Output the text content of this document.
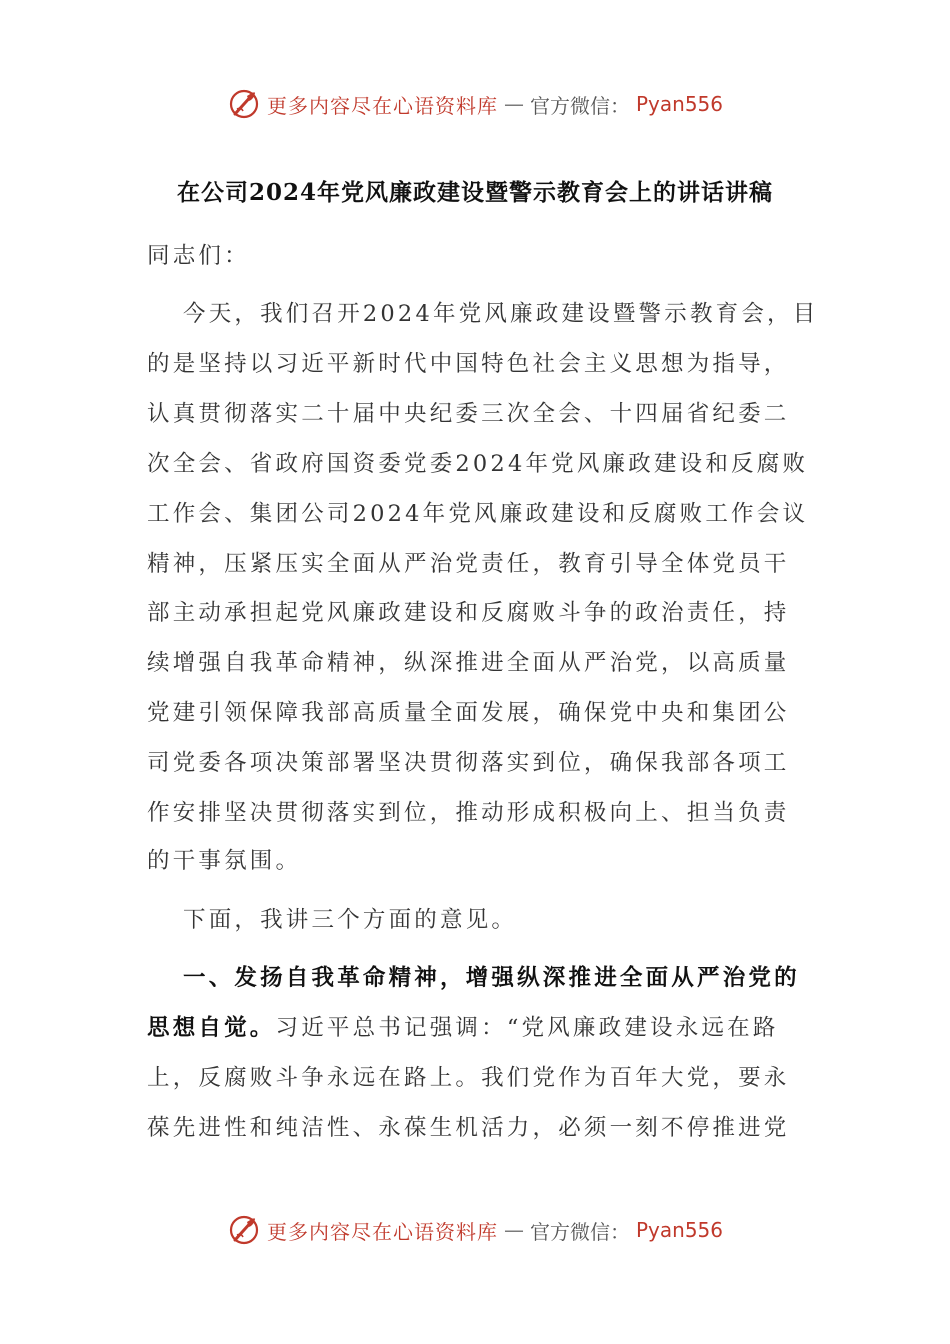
更多内容尽在心语资料库 — 官方微信： Pyan556
在公司2024年党风廉政建设暨警示教育会上的讲话讲稿
同志们：
今天，我们召开2024年党风廉政建设暨警示教育会，目
的是坚持以习近平新时代中国特色社会主义思想为指导，
认真贯彻落实二十届中央纪委三次全会、十四届省纪委二
次全会、省政府国资委党委2024年党风廉政建设和反腐败
工作会、集团公司2024年党风廉政建设和反腐败工作会议
精神，压紧压实全面从严治党责任，教育引导全体党员干
部主动承担起党风廉政建设和反腐败斗争的政治责任，持
续增强自我革命精神，纵深推进全面从严治党，以高质量
党建引领保障我部高质量全面发展，确保党中央和集团公
司党委各项决策部署坚决贯彻落实到位，确保我部各项工
作安排坚决贯彻落实到位，推动形成积极向上、担当负责
的干事氛围。
下面，我讲三个方面的意见。
一、发扬自我革命精神，增强纵深推进全面从严治党的
思想自觉。习近平总书记强调：“党风廉政建设永远在路
上，反腐败斗争永远在路上。我们党作为百年大党，要永
葆先进性和纯洁性、永葆生机活力，必须一刻不停推进党
更多内容尽在心语资料库 — 官方微信： Pyan556
